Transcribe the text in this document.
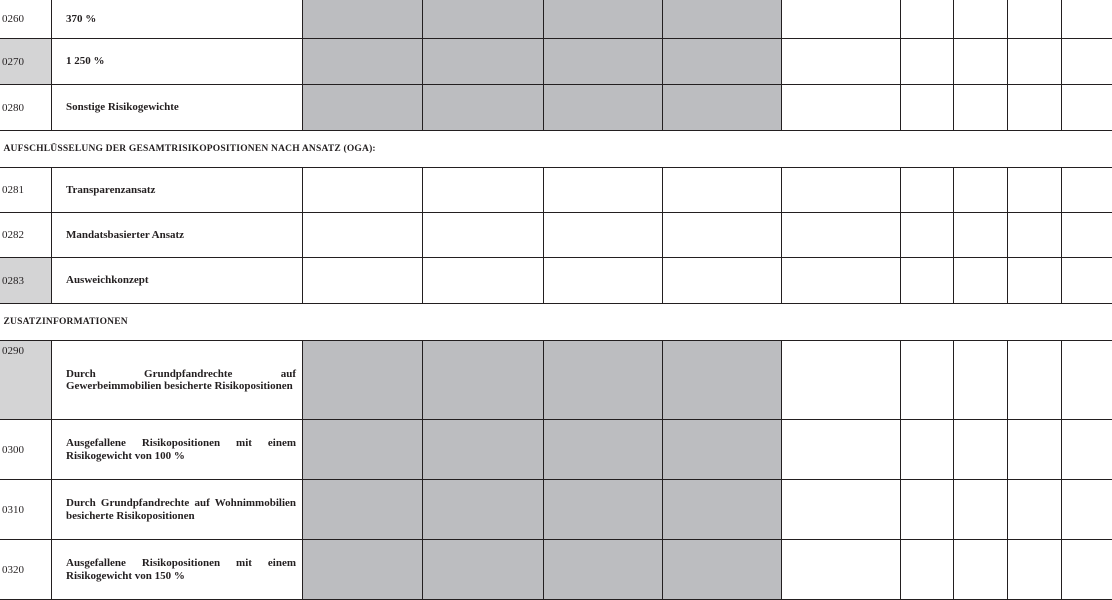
0260	370 %									
0270	1 250 %									
0280	Sonstige Risikogewichte									
AUFSCHLÜSSELUNG DER GESAMTRISIKOPOSITIONEN NACH ANSATZ (OGA):										
0281	Transparenzansatz									
0282	Mandatsbasierter Ansatz									
0283	Ausweichkonzept									
ZUSATZINFORMATIONEN										
0290	Durch Grundpfandrechte auf Gewerbeimmobilien besicherte Risikopositionen									
0300	Ausgefallene Risikopositionen mit einem Risikogewicht von 100 %									
0310	Durch Grundpfandrechte auf Wohnimmobilien besicherte Risikopositionen									
0320	Ausgefallene Risikopositionen mit einem Risikogewicht von 150 %									
